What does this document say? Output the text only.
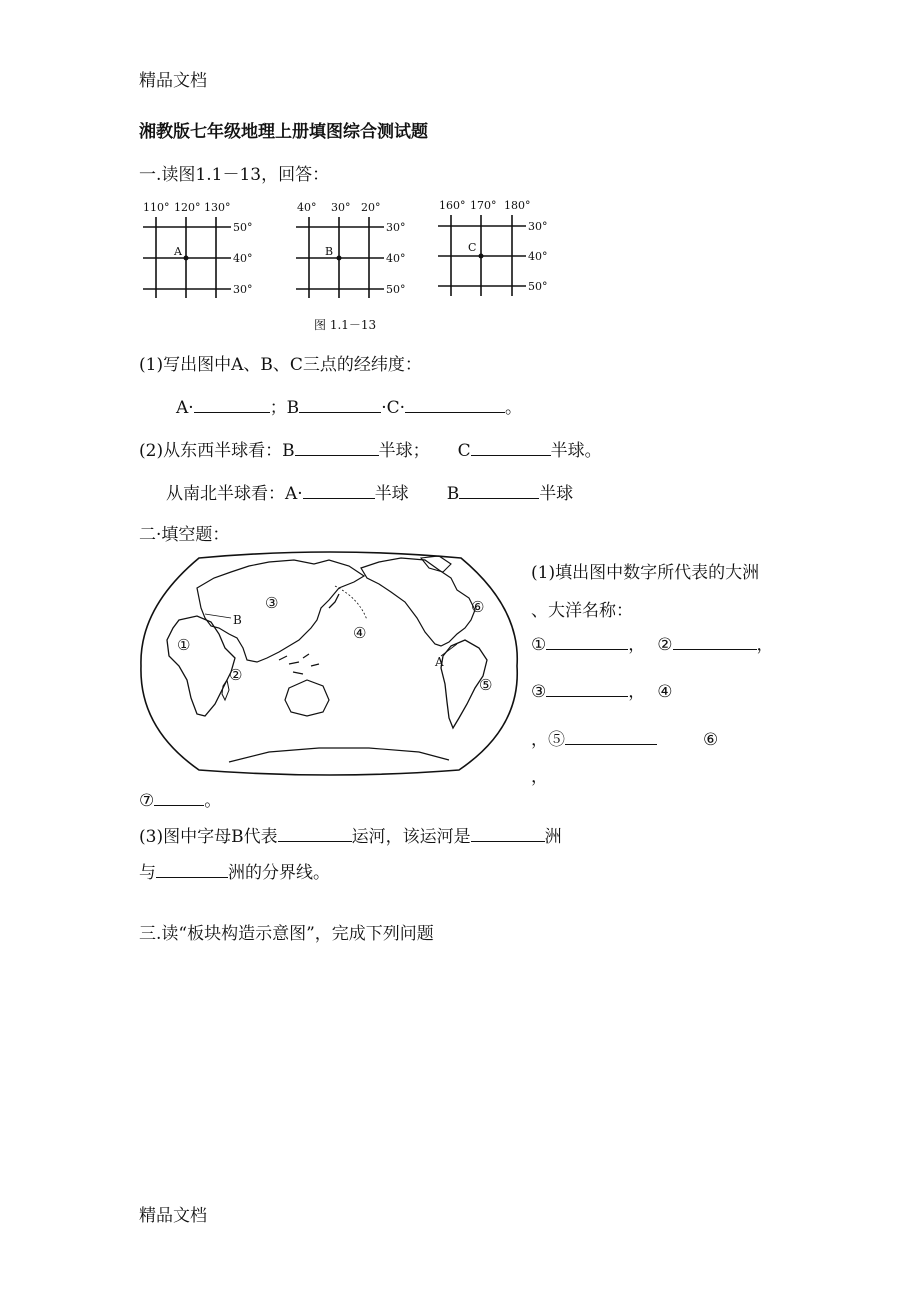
精品文档
湘教版七年级地理上册填图综合测试题
一.读图1.1－13，回答：
110° 120° 130°
A
50°
40°
30°
40° 30° 20°
B
30°
40°
50°
160° 170° 180°
C
30°
40°
50°
图 1.1－13
(1)写出图中A、B、C三点的经纬度：
A·	；B	·C·	。
(2)从东西半球看：B	半球； C	半球。
从南北半球看：A·	半球 B	半球
二·填空题：
①
②
③
④
⑤
⑥
A
B
(1)填出图中数字所代表的大洲
、大洋名称：
①	， ②	，
③	， ④
，⑤	⑥
，
⑦	。
(3)图中字母B代表	运河，该运河是	洲
与	洲的分界线。
三.读“板块构造示意图”，完成下列问题
精品文档
